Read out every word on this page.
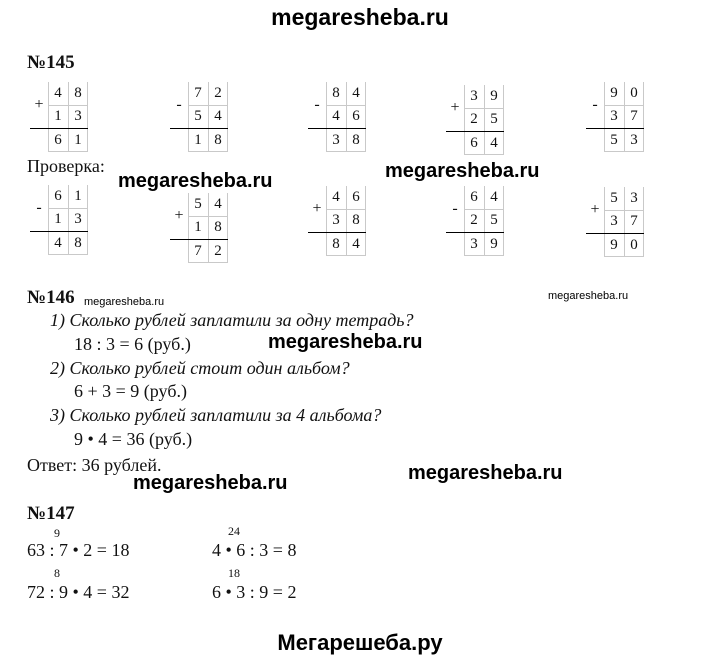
megaresheba.ru
megaresheba.ru	megaresheba.ru
megaresheba.ru	megaresheba.ru
megaresheba.ru
megaresheba.ru
megaresheba.ru
Мегарешеба.ру
№145
+
4 8
1 3
6 1
-
7 2
5 4
1 8
-
8 4
4 6
3 8
+
3 9
2 5
6 4
-
9 0
3 7
5 3
Проверка:
-
6 1
1 3
4 8
+
5 4
1 8
7 2
+
4 6
3 8
8 4
-
6 4
2 5
3 9
+
5 3
3 7
9 0
№146
1) Сколько рублей заплатили за одну тетрадь?
18 : 3 = 6 (руб.)
2) Сколько рублей стоит один альбом?
6 + 3 = 9 (руб.)
3) Сколько рублей заплатили за 4 альбома?
9 • 4 = 36 (руб.)
Ответ: 36 рублей.
№147
9
63 : 7 • 2 = 18
24
4 • 6 : 3 = 8
8
72 : 9 • 4 = 32
18
6 • 3 : 9 = 2
